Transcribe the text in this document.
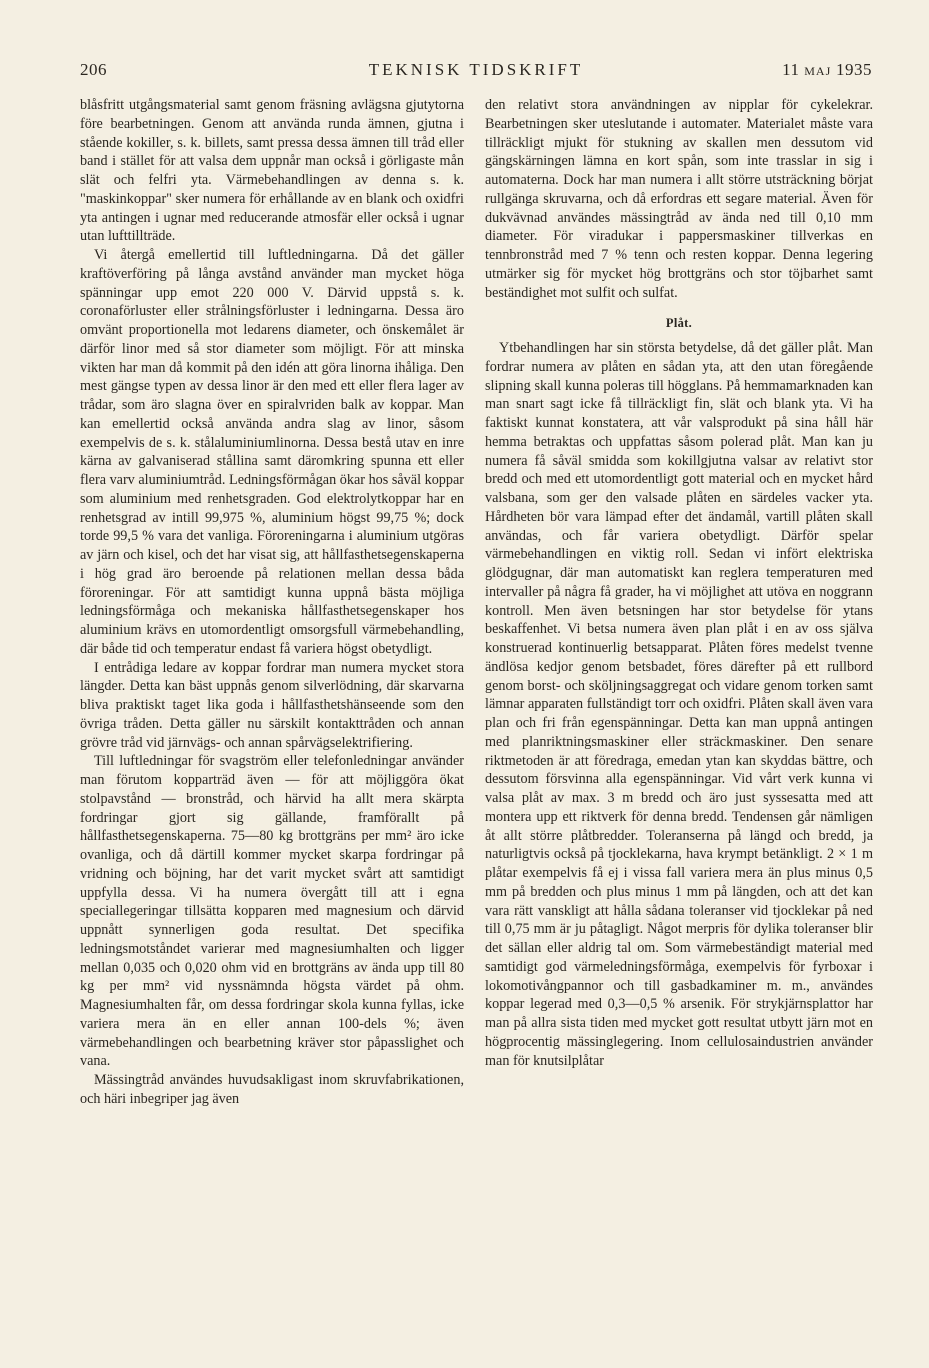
206	TEKNISK TIDSKRIFT	11 MAJ 1935

blåsfritt utgångsmaterial samt genom fräsning avlägsna gjutytorna före bearbetningen. Genom att använda runda ämnen, gjutna i stående kokiller, s. k. billets, samt pressa dessa ämnen till tråd eller band i stället för att valsa dem uppnår man också i görligaste mån slät och felfri yta. Värmebehandlingen av denna s. k. "maskinkoppar" sker numera för erhållande av en blank och oxidfri yta antingen i ugnar med reducerande atmosfär eller också i ugnar utan lufttillträde.

Vi återgå emellertid till luftledningarna. Då det gäller kraftöverföring på långa avstånd använder man mycket höga spänningar upp emot 220 000 V. Därvid uppstå s. k. coronaförluster eller strålningsförluster i ledningarna. Dessa äro omvänt proportionella mot ledarens diameter, och önskemålet är därför linor med så stor diameter som möjligt. För att minska vikten har man då kommit på den idén att göra linorna ihåliga. Den mest gängse typen av dessa linor är den med ett eller flera lager av trådar, som äro slagna över en spiralvriden balk av koppar. Man kan emellertid också använda andra slag av linor, såsom exempelvis de s. k. stålaluminiumlinorna. Dessa bestå utav en inre kärna av galvaniserad stållina samt däromkring spunna ett eller flera varv aluminiumtråd. Ledningsförmågan ökar hos såväl koppar som aluminium med renhetsgraden. God elektrolytkoppar har en renhetsgrad av intill 99,975 %, aluminium högst 99,75 %; dock torde 99,5 % vara det vanliga. Föroreningarna i aluminium utgöras av järn och kisel, och det har visat sig, att hållfasthetsegenskaperna i hög grad äro beroende på relationen mellan dessa båda föroreningar. För att samtidigt kunna uppnå bästa möjliga ledningsförmåga och mekaniska hållfasthetsegenskaper hos aluminium krävs en utomordentligt omsorgsfull värmebehandling, där både tid och temperatur endast få variera högst obetydligt.

I entrådiga ledare av koppar fordrar man numera mycket stora längder. Detta kan bäst uppnås genom silverlödning, där skarvarna bliva praktiskt taget lika goda i hållfasthetshänseende som den övriga tråden. Detta gäller nu särskilt kontakttråden och annan grövre tråd vid järnvägs- och annan spårvägselektrifiering.

Till luftledningar för svagström eller telefonledningar använder man förutom kopparträd även — för att möjliggöra ökat stolpavstånd — bronstråd, och härvid ha allt mera skärpta fordringar gjort sig gällande, framförallt på hållfasthetsegenskaperna. 75—80 kg brottgräns per mm² äro icke ovanliga, och då därtill kommer mycket skarpa fordringar på vridning och böjning, har det varit mycket svårt att samtidigt uppfylla dessa. Vi ha numera övergått till att i egna speciallegeringar tillsätta kopparen med magnesium och därvid uppnått synnerligen goda resultat. Det specifika ledningsmotståndet varierar med magnesiumhalten och ligger mellan 0,035 och 0,020 ohm vid en brottgräns av ända upp till 80 kg per mm² vid nyssnämnda högsta värdet på ohm. Magnesiumhalten får, om dessa fordringar skola kunna fyllas, icke variera mera än en eller annan 100-dels %; även värmebehandlingen och bearbetning kräver stor påpasslighet och vana.

Mässingtråd användes huvudsakligast inom skruvfabrikationen, och häri inbegriper jag även

den relativt stora användningen av nipplar för cykelekrar. Bearbetningen sker uteslutande i automater. Materialet måste vara tillräckligt mjukt för stukning av skallen men dessutom vid gängskärningen lämna en kort spån, som inte trasslar in sig i automaterna. Dock har man numera i allt större utsträckning börjat rullgänga skruvarna, och då erfordras ett segare material. Även för dukvävnad användes mässingtråd av ända ned till 0,10 mm diameter. För viradukar i pappersmaskiner tillverkas en tennbronstråd med 7 % tenn och resten koppar. Denna legering utmärker sig för mycket hög brottgräns och stor töjbarhet samt beständighet mot sulfit och sulfat.

Plåt.

Ytbehandlingen har sin största betydelse, då det gäller plåt. Man fordrar numera av plåten en sådan yta, att den utan föregående slipning skall kunna poleras till högglans. På hemmamarknaden kan man snart sagt icke få tillräckligt fin, slät och blank yta. Vi ha faktiskt kunnat konstatera, att vår valsprodukt på sina håll här hemma betraktas och uppfattas såsom polerad plåt. Man kan ju numera få såväl smidda som kokillgjutna valsar av relativt stor bredd och med ett utomordentligt gott material och en mycket hård valsbana, som ger den valsade plåten en särdeles vacker yta. Hårdheten bör vara lämpad efter det ändamål, vartill plåten skall användas, och får variera obetydligt. Därför spelar värmebehandlingen en viktig roll. Sedan vi infört elektriska glödgugnar, där man automatiskt kan reglera temperaturen med intervaller på några få grader, ha vi möjlighet att utöva en noggrann kontroll. Men även betsningen har stor betydelse för ytans beskaffenhet. Vi betsa numera även plan plåt i en av oss själva konstruerad kontinuerlig betsapparat. Plåten föres medelst tvenne ändlösa kedjor genom betsbadet, föres därefter på ett rullbord genom borst- och sköljningsaggregat och vidare genom torken samt lämnar apparaten fullständigt torr och oxidfri. Plåten skall även vara plan och fri från egenspänningar. Detta kan man uppnå antingen med planriktningsmaskiner eller sträckmaskiner. Den senare riktmetoden är att föredraga, emedan ytan kan skyddas bättre, och dessutom försvinna alla egenspänningar. Vid vårt verk kunna vi valsa plåt av max. 3 m bredd och äro just syssesatta med att montera upp ett riktverk för denna bredd. Tendensen går nämligen åt allt större plåtbredder. Toleranserna på längd och bredd, ja naturligtvis också på tjocklekarna, hava krympt betänkligt. 2 × 1 m plåtar exempelvis få ej i vissa fall variera mera än plus minus 0,5 mm på bredden och plus minus 1 mm på längden, och att det kan vara rätt vanskligt att hålla sådana toleranser vid tjocklekar på ned till 0,75 mm är ju påtagligt. Något merpris för dylika toleranser blir det sällan eller aldrig tal om. Som värmebeständigt material med samtidigt god värmeledningsförmåga, exempelvis för fyrboxar i lokomotivångpannor och till gasbadkaminer m. m., användes koppar legerad med 0,3—0,5 % arsenik. För strykjärnsplattor har man på allra sista tiden med mycket gott resultat utbytt järn mot en högprocentig mässinglegering. Inom cellulosaindustrien använder man för knutsilplåtar
